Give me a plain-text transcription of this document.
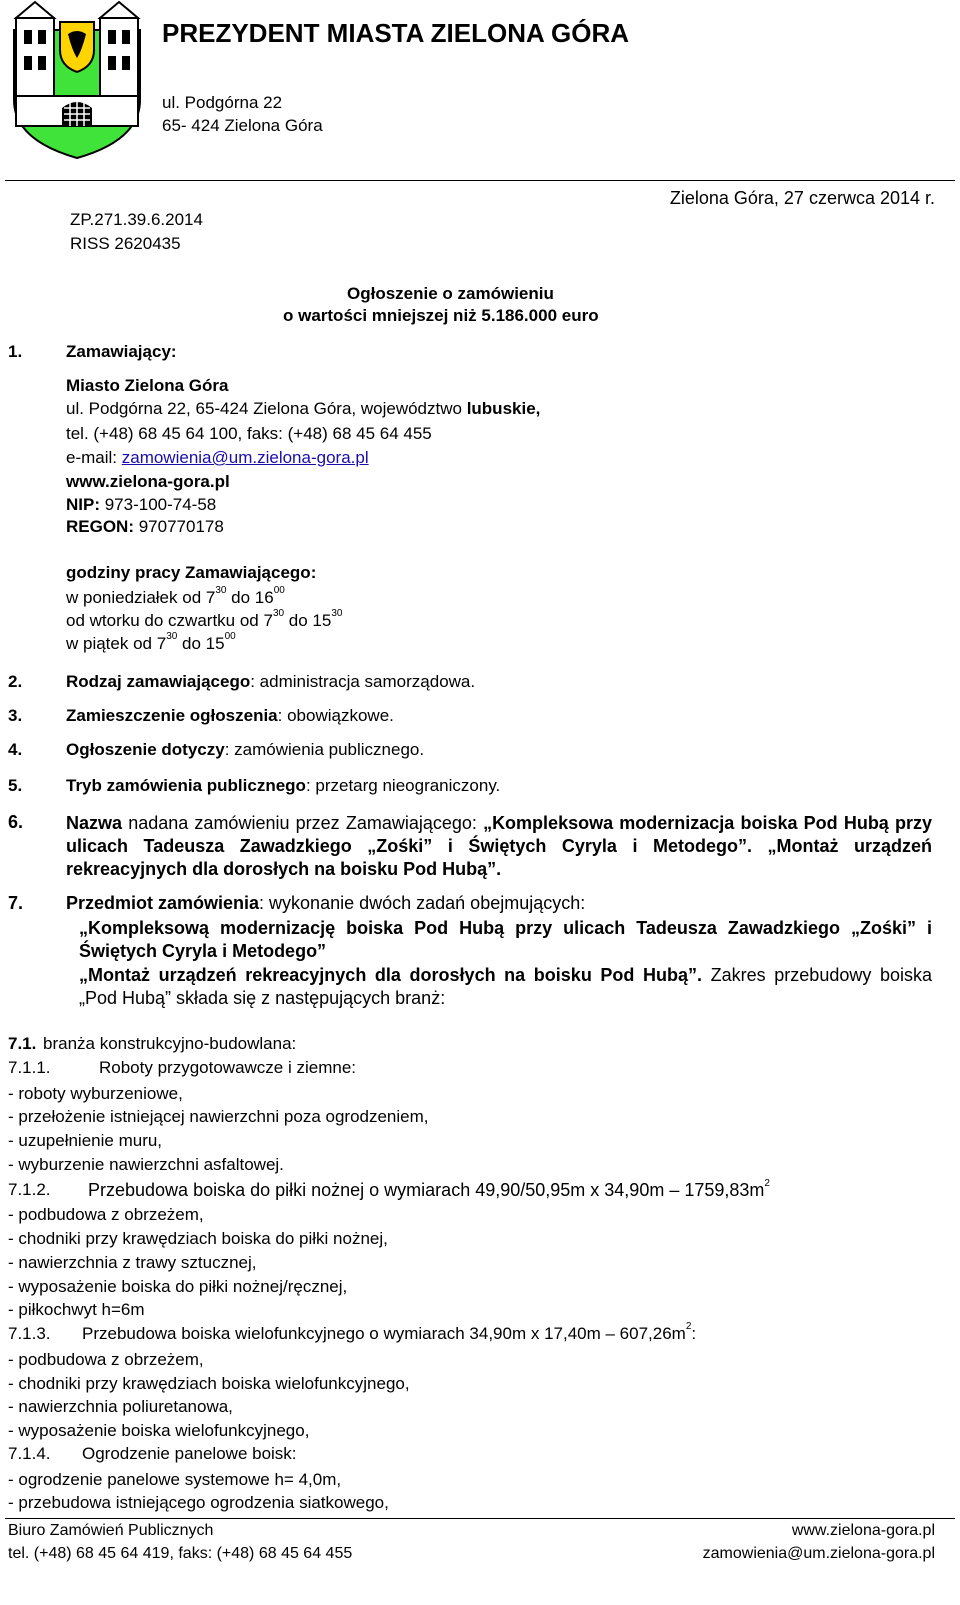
PREZYDENT MIASTA ZIELONA GÓRA
ul. Podgórna 22
65- 424 Zielona Góra
ZP.271.39.6.2014
RISS 2620435
Zielona Góra, 27 czerwca 2014 r.
Ogłoszenie o zamówieniu
o wartości mniejszej niż 5.186.000 euro
1.	Zamawiający:
Miasto Zielona Góra
ul. Podgórna 22, 65-424 Zielona Góra, województwo lubuskie,
tel. (+48) 68 45 64 100, faks: (+48) 68 45 64 455
e-mail: zamowienia@um.zielona-gora.pl
www.zielona-gora.pl
NIP: 973-100-74-58
REGON: 970770178
godziny pracy Zamawiającego:
w poniedziałek od $7^{30}$ do $16^{00}$
od wtorku do czwartku od $7^{30}$ do $15^{30}$
w piątek od $7^{30}$ do $15^{00}$
2.	Rodzaj zamawiającego: administracja samorządowa.
3.	Zamieszczenie ogłoszenia: obowiązkowe.
4.	Ogłoszenie dotyczy: zamówienia publicznego.
5.	Tryb zamówienia publicznego: przetarg nieograniczony.
6. Nazwa nadana zamówieniu przez Zamawiającego: „Kompleksowa modernizacja boiska Pod Hubą przy ulicach Tadeusza Zawadzkiego „Zośki” i Świętych Cyryla i Metodego”. „Montaż urządzeń rekreacyjnych dla dorosłych na boisku Pod Hubą”.
7. Przedmiot zamówienia: wykonanie dwóch zadań obejmujących:
„Kompleksową modernizację boiska Pod Hubą przy ulicach Tadeusza Zawadzkiego „Zośki” i Świętych Cyryla i Metodego”
„Montaż urządzeń rekreacyjnych dla dorosłych na boisku Pod Hubą”. Zakres przebudowy boiska „Pod Hubą” składa się z następujących branż:
7.1. branża konstrukcyjno-budowlana:
7.1.1.	Roboty przygotowawcze i ziemne:
- roboty wyburzeniowe,
- przełożenie istniejącej nawierzchni poza ogrodzeniem,
- uzupełnienie muru,
- wyburzenie nawierzchni asfaltowej.
7.1.2. Przebudowa boiska do piłki nożnej o wymiarach 49,90/50,95m x $34,90m - 1759,83m^2$
- podbudowa z obrzeżem,
- chodniki przy krawędziach boiska do piłki nożnej,
- nawierzchnia z trawy sztucznej,
- wyposażenie boiska do piłki nożnej/ręcznej,
- piłkochwyt h=6m
7.1.3. Przebudowa boiska wielofunkcyjnego o wymiarach 34,90m x $17,40m - 607,26m^2$:
- podbudowa z obrzeżem,
- chodniki przy krawędziach boiska wielofunkcyjnego,
- nawierzchnia poliuretanowa,
- wyposażenie boiska wielofunkcyjnego,
7.1.4. Ogrodzenie panelowe boisk:
- ogrodzenie panelowe systemowe h= 4,0m,
- przebudowa istniejącego ogrodzenia siatkowego,
Biuro Zamówień Publicznych
tel. (+48) 68 45 64 419, faks: (+48) 68 45 64 455
www.zielona-gora.pl
zamowienia@um.zielona-gora.pl
